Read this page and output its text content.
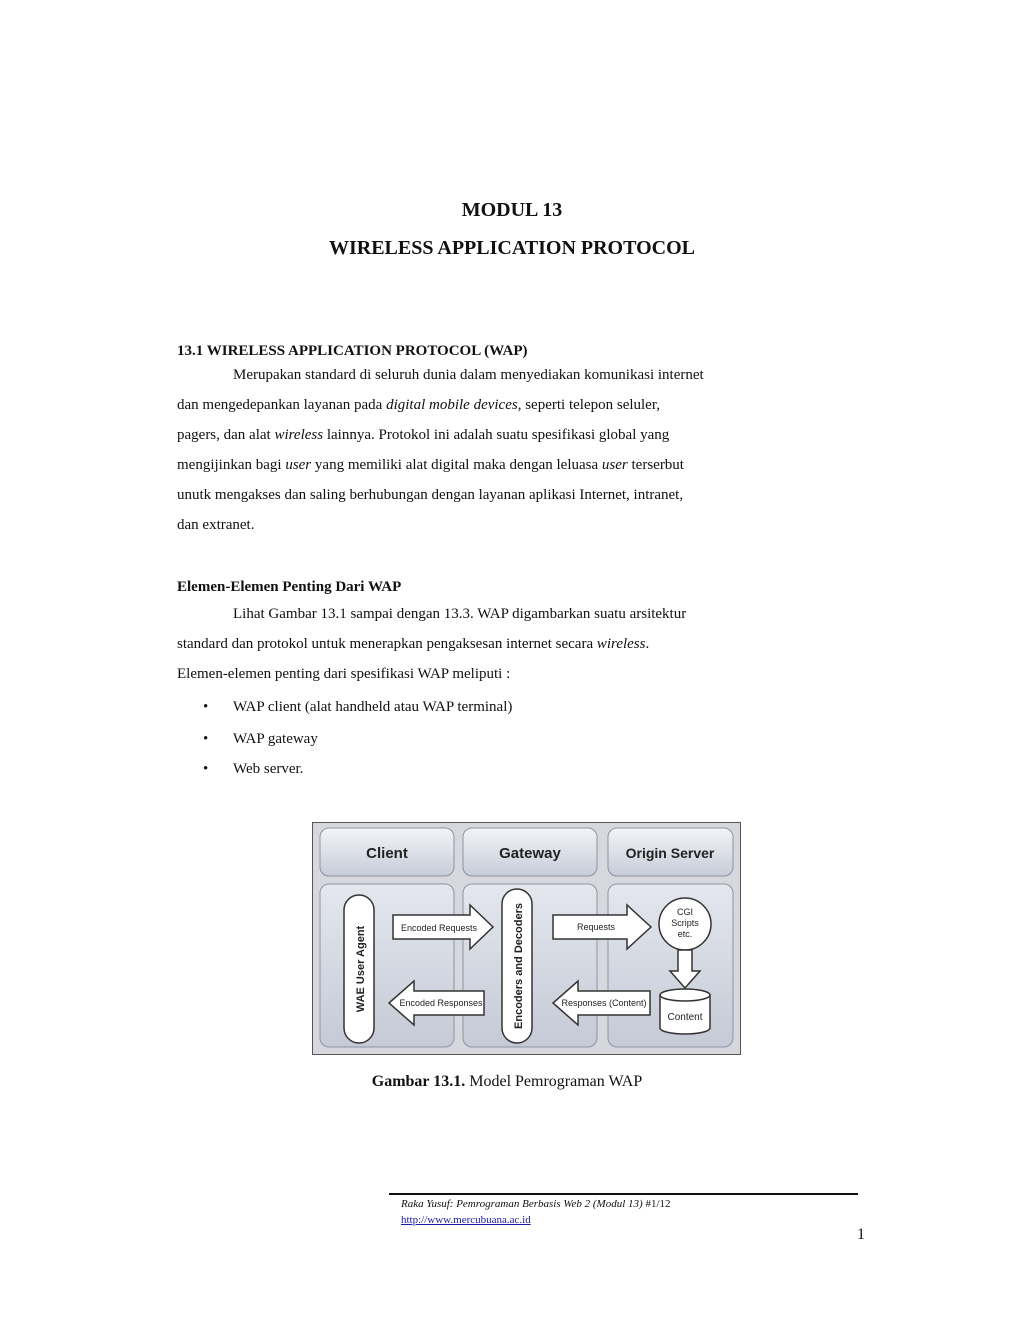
MODUL 13
WIRELESS APPLICATION PROTOCOL
13.1 WIRELESS APPLICATION PROTOCOL (WAP)
Merupakan standard di seluruh dunia dalam menyediakan komunikasi internet
dan mengedepankan layanan pada digital mobile devices, seperti telepon seluler,
pagers, dan alat wireless lainnya. Protokol ini adalah suatu spesifikasi global yang
mengijinkan bagi user yang memiliki alat digital maka dengan leluasa user terserbut
unutk mengakses dan saling berhubungan dengan layanan aplikasi Internet, intranet,
dan extranet.
Elemen-Elemen Penting Dari WAP
Lihat Gambar 13.1 sampai dengan 13.3. WAP digambarkan suatu arsitektur
standard dan protokol untuk menerapkan pengaksesan internet secara wireless.
Elemen-elemen penting dari spesifikasi WAP meliputi :
• WAP client (alat handheld atau WAP terminal)
• WAP gateway
• Web server.
Client	Gateway	Origin Server
WAE User Agent	Encoders and Decoders
Encoded Requests
Encoded Responses
Requests
Responses (Content)
CGI
Scripts
etc.
Content
Gambar 13.1. Model Pemrograman WAP
Raka Yusuf: Pemrograman Berbasis Web 2 (Modul 13) #1/12
http://www.mercubuana.ac.id
1
